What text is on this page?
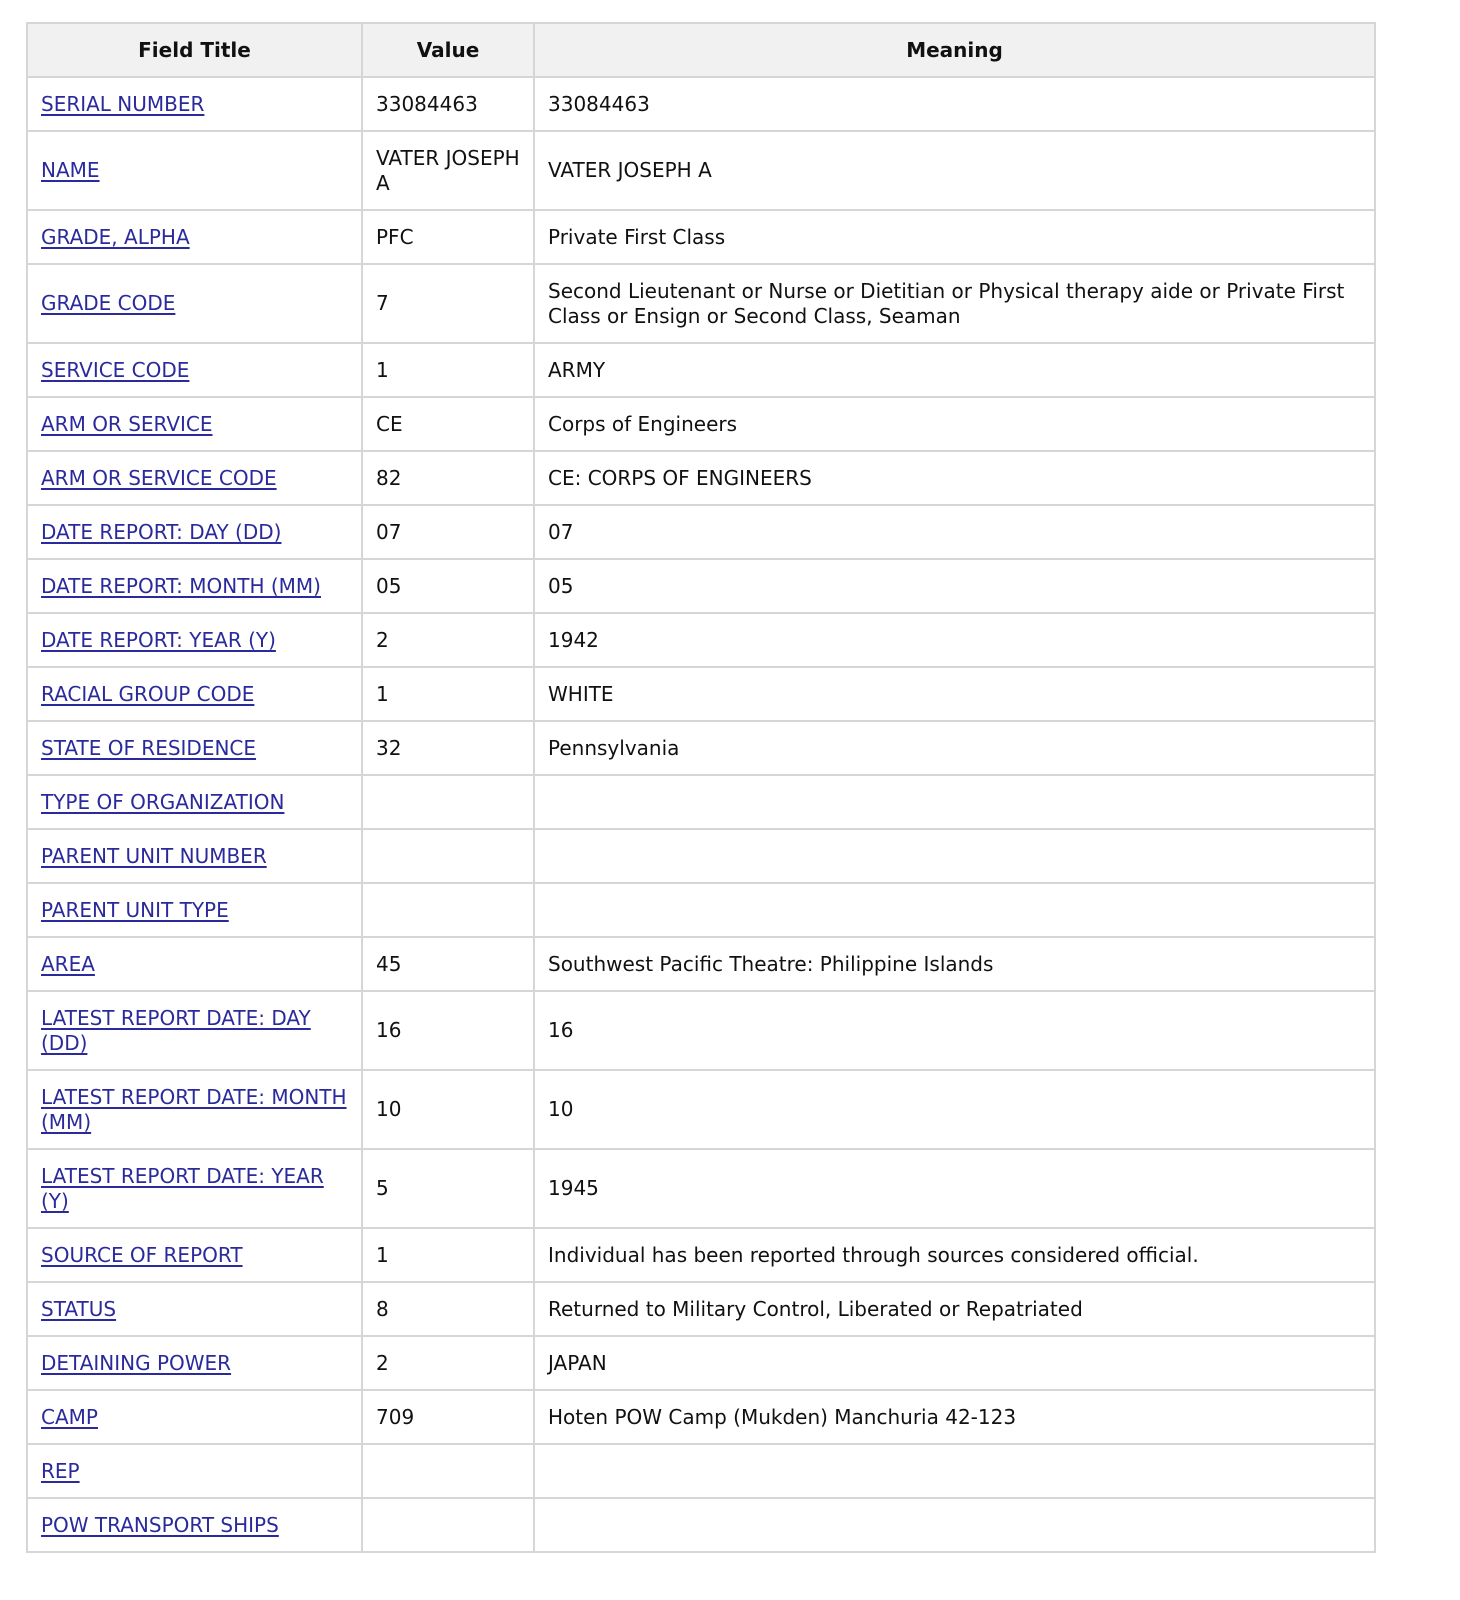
Field Title	Value	Meaning
SERIAL NUMBER	33084463	33084463
NAME	VATER JOSEPH A	VATER JOSEPH A
GRADE, ALPHA	PFC	Private First Class
GRADE CODE	7	Second Lieutenant or Nurse or Dietitian or Physical therapy aide or Private First Class or Ensign or Second Class, Seaman
SERVICE CODE	1	ARMY
ARM OR SERVICE	CE	Corps of Engineers
ARM OR SERVICE CODE	82	CE: CORPS OF ENGINEERS
DATE REPORT: DAY (DD)	07	07
DATE REPORT: MONTH (MM)	05	05
DATE REPORT: YEAR (Y)	2	1942
RACIAL GROUP CODE	1	WHITE
STATE OF RESIDENCE	32	Pennsylvania
TYPE OF ORGANIZATION		
PARENT UNIT NUMBER		
PARENT UNIT TYPE		
AREA	45	Southwest Pacific Theatre: Philippine Islands
LATEST REPORT DATE: DAY (DD)	16	16
LATEST REPORT DATE: MONTH (MM)	10	10
LATEST REPORT DATE: YEAR (Y)	5	1945
SOURCE OF REPORT	1	Individual has been reported through sources considered official.
STATUS	8	Returned to Military Control, Liberated or Repatriated
DETAINING POWER	2	JAPAN
CAMP	709	Hoten POW Camp (Mukden) Manchuria 42-123
REP		
POW TRANSPORT SHIPS		
